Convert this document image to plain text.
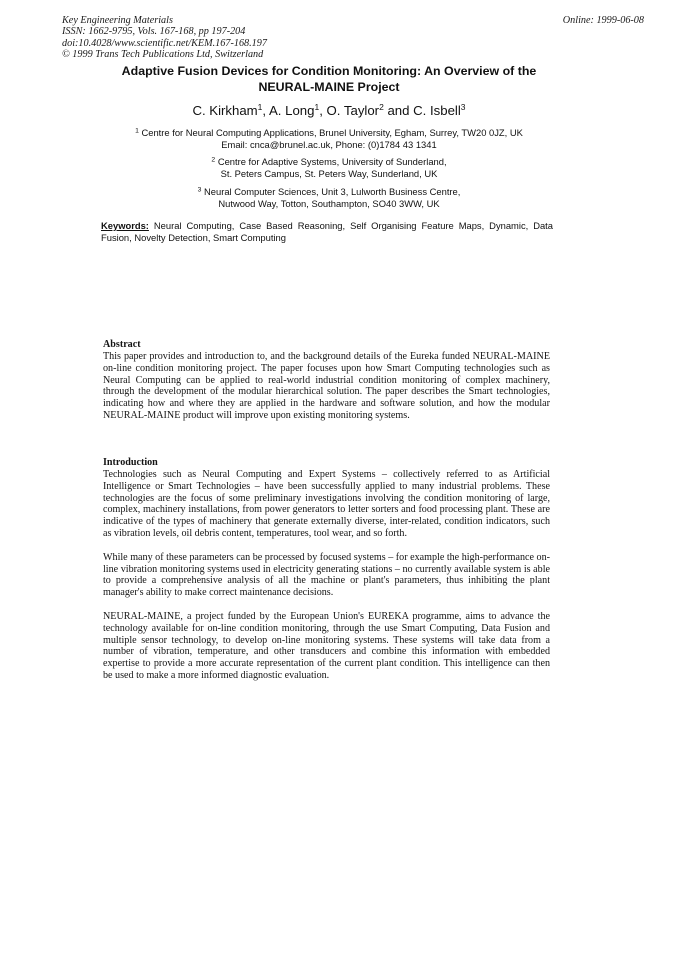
Key Engineering Materials
ISSN: 1662-9795, Vols. 167-168, pp 197-204
doi:10.4028/www.scientific.net/KEM.167-168.197
© 1999 Trans Tech Publications Ltd, Switzerland
Online: 1999-06-08
Adaptive Fusion Devices for Condition Monitoring: An Overview of the
NEURAL-MAINE Project
C. Kirkham$^1$, A. Long$^1$, O. Taylor$^2$ and C. Isbell$^3$
$^1$ Centre for Neural Computing Applications, Brunel University, Egham, Surrey, TW20 0JZ, UK
Email: cnca@brunel.ac.uk, Phone: (0)1784 43 1341
$^2$ Centre for Adaptive Systems, University of Sunderland,
St. Peters Campus, St. Peters Way, Sunderland, UK
$^3$ Neural Computer Sciences, Unit 3, Lulworth Business Centre,
Nutwood Way, Totton, Southampton, SO40 3WW, UK
Keywords: Neural Computing, Case Based Reasoning, Self Organising Feature Maps, Dynamic, Data Fusion, Novelty Detection, Smart Computing
Abstract

This paper provides and introduction to, and the background details of the Eureka funded NEURAL-MAINE on-line condition monitoring project. The paper focuses upon how Smart Computing technologies such as Neural Computing can be applied to real-world industrial condition monitoring of complex machinery, through the development of the modular hierarchical solution. The paper describes the Smart technologies, indicating how and where they are applied in the hardware and software solution, and how the modular NEURAL-MAINE product will improve upon existing monitoring systems.

Introduction

Technologies such as Neural Computing and Expert Systems – collectively referred to as Artificial Intelligence or Smart Technologies – have been successfully applied to many industrial problems. These technologies are the focus of some preliminary investigations involving the condition monitoring of large, complex, machinery installations, from power generators to letter sorters and food processing plant. These are indicative of the types of machinery that generate externally diverse, inter-related, condition indicators, such as vibration levels, oil debris content, temperatures, tool wear, and so forth.

While many of these parameters can be processed by focused systems – for example the high-performance on-line vibration monitoring systems used in electricity generating stations – no currently available system is able to provide a comprehensive analysis of all the machine or plant's parameters, thus inhibiting the plant manager's ability to make correct maintenance decisions.

NEURAL-MAINE, a project funded by the European Union's EUREKA programme, aims to advance the technology available for on-line condition monitoring, through the use Smart Computing, Data Fusion and multiple sensor technology, to develop on-line monitoring systems. These systems will take data from a number of vibration, temperature, and other transducers and combine this information with embedded expertise to provide a more accurate representation of the current plant condition. This intelligence can then be used to make a more informed diagnostic evaluation.
